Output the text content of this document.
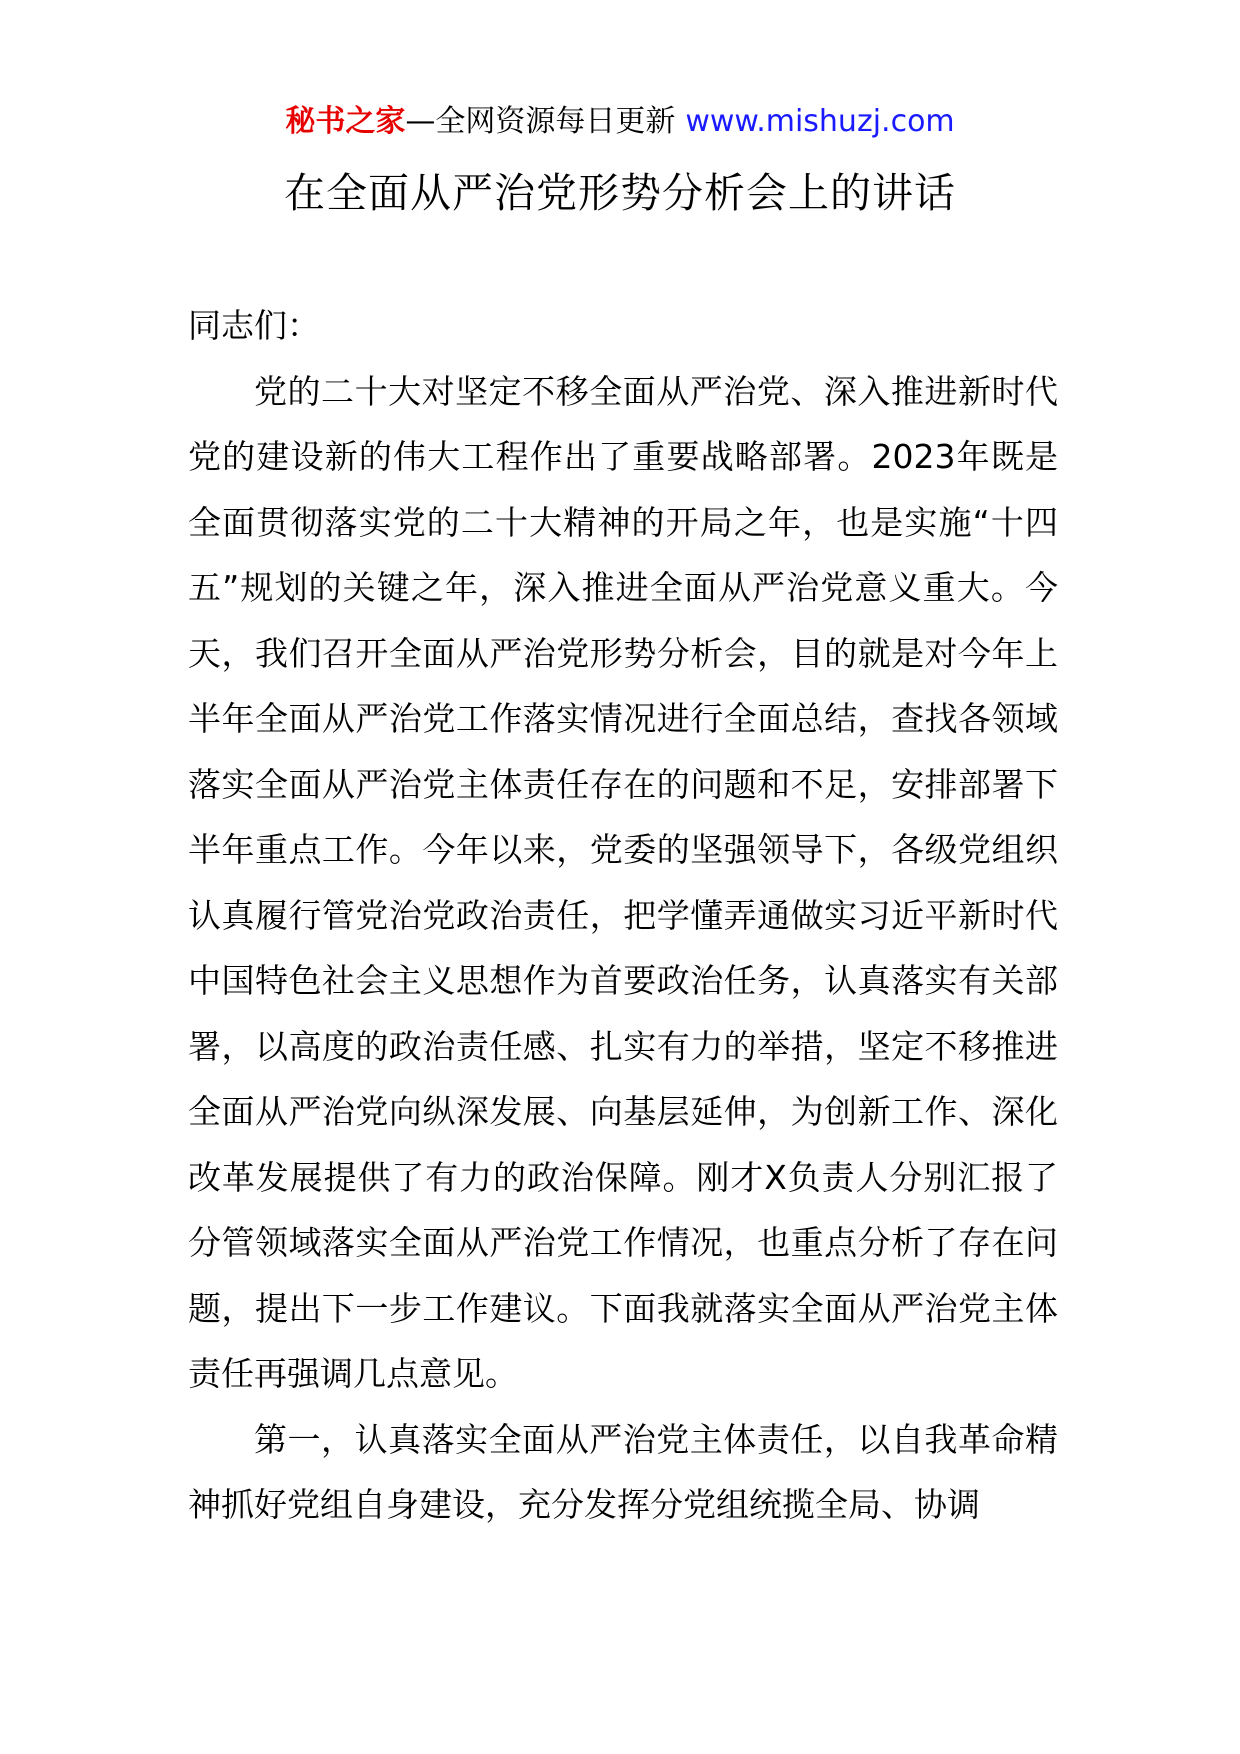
秘书之家—全网资源每日更新 www.mishuzj.com
在全面从严治党形势分析会上的讲话

同志们：

党的二十大对坚定不移全面从严治党、深入推进新时代党的建设新的伟大工程作出了重要战略部署。2023年既是全面贯彻落实党的二十大精神的开局之年，也是实施“十四五”规划的关键之年，深入推进全面从严治党意义重大。今天，我们召开全面从严治党形势分析会，目的就是对今年上半年全面从严治党工作落实情况进行全面总结，查找各领域落实全面从严治党主体责任存在的问题和不足，安排部署下半年重点工作。今年以来，党委的坚强领导下，各级党组织认真履行管党治党政治责任，把学懂弄通做实习近平新时代中国特色社会主义思想作为首要政治任务，认真落实有关部署，以高度的政治责任感、扎实有力的举措，坚定不移推进全面从严治党向纵深发展、向基层延伸，为创新工作、深化改革发展提供了有力的政治保障。刚才X负责人分别汇报了分管领域落实全面从严治党工作情况，也重点分析了存在问题，提出下一步工作建议。下面我就落实全面从严治党主体责任再强调几点意见。

第一，认真落实全面从严治党主体责任，以自我革命精神抓好党组自身建设，充分发挥分党组统揽全局、协调
